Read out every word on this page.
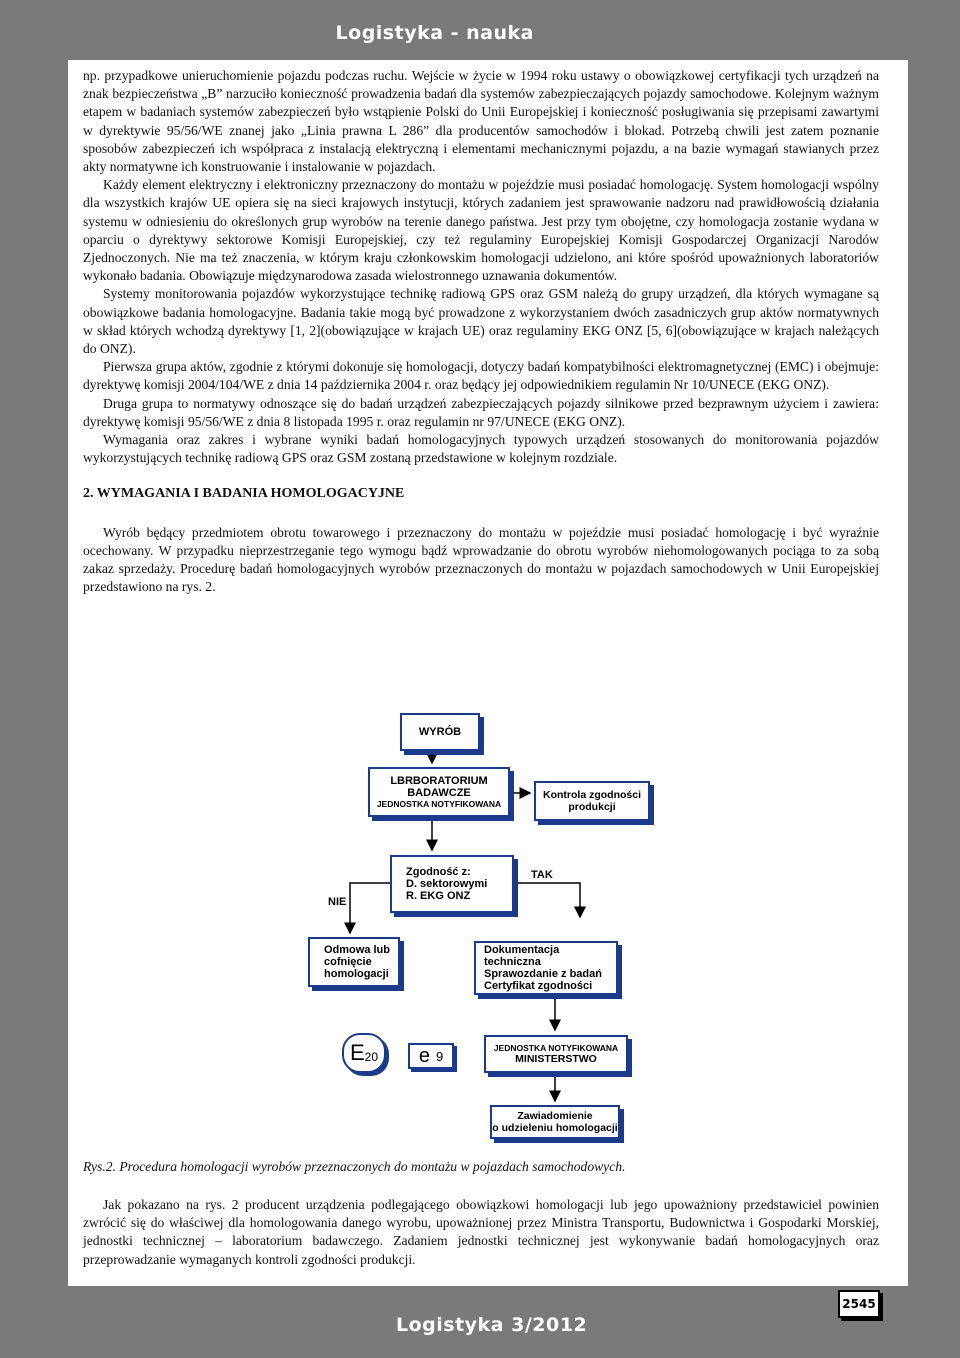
Logistyka - nauka

np. przypadkowe unieruchomienie pojazdu podczas ruchu. Wejście w życie w 1994 roku ustawy o obowiązkowej certyfikacji tych urządzeń na znak bezpieczeństwa „B” narzuciło konieczność prowadzenia badań dla systemów zabezpieczających pojazdy samochodowe. Kolejnym ważnym etapem w badaniach systemów zabezpieczeń było wstąpienie Polski do Unii Europejskiej i konieczność posługiwania się przepisami zawartymi w dyrektywie 95/56/WE znanej jako „Linia prawna L 286” dla producentów samochodów i blokad. Potrzebą chwili jest zatem poznanie sposobów zabezpieczeń ich współpraca z instalacją elektryczną i elementami mechanicznymi pojazdu, a na bazie wymagań stawianych przez akty normatywne ich konstruowanie i instalowanie w pojazdach.

Każdy element elektryczny i elektroniczny przeznaczony do montażu w pojeździe musi posiadać homologację. System homologacji wspólny dla wszystkich krajów UE opiera się na sieci krajowych instytucji, których zadaniem jest sprawowanie nadzoru nad prawidłowością działania systemu w odniesieniu do określonych grup wyrobów na terenie danego państwa. Jest przy tym obojętne, czy homologacja zostanie wydana w oparciu o dyrektywy sektorowe Komisji Europejskiej, czy też regulaminy Europejskiej Komisji Gospodarczej Organizacji Narodów Zjednoczonych. Nie ma też znaczenia, w którym kraju członkowskim homologacji udzielono, ani które spośród upoważnionych laboratoriów wykonało badania. Obowiązuje międzynarodowa zasada wielostronnego uznawania dokumentów.

Systemy monitorowania pojazdów wykorzystujące technikę radiową GPS oraz GSM należą do grupy urządzeń, dla których wymagane są obowiązkowe badania homologacyjne. Badania takie mogą być prowadzone z wykorzystaniem dwóch zasadniczych grup aktów normatywnych w skład których wchodzą dyrektywy [1, 2](obowiązujące w krajach UE) oraz regulaminy EKG ONZ [5, 6](obowiązujące w krajach należących do ONZ).

Pierwsza grupa aktów, zgodnie z którymi dokonuje się homologacji, dotyczy badań kompatybilności elektromagnetycznej (EMC) i obejmuje: dyrektywę komisji 2004/104/WE z dnia 14 października 2004 r. oraz będący jej odpowiednikiem regulamin Nr 10/UNECE (EKG ONZ).

Druga grupa to normatywy odnoszące się do badań urządzeń zabezpieczających pojazdy silnikowe przed bezprawnym użyciem i zawiera: dyrektywę komisji 95/56/WE z dnia 8 listopada 1995 r. oraz regulamin nr 97/UNECE (EKG ONZ).

Wymagania oraz zakres i wybrane wyniki badań homologacyjnych typowych urządzeń stosowanych do monitorowania pojazdów wykorzystujących technikę radiową GPS oraz GSM zostaną przedstawione w kolejnym rozdziale.

2. WYMAGANIA I BADANIA HOMOLOGACYJNE

Wyrób będący przedmiotem obrotu towarowego i przeznaczony do montażu w pojeździe musi posiadać homologację i być wyraźnie ocechowany. W przypadku nieprzestrzeganie tego wymogu bądź wprowadzanie do obrotu wyrobów niehomologowanych pociąga to za sobą zakaz sprzedaży. Procedurę badań homologacyjnych wyrobów przeznaczonych do montażu w pojazdach samochodowych w Unii Europejskiej przedstawiono na rys. 2.

WYRÓB
LBRBORATORIUM
BADAWCZE
JEDNOSTKA NOTYFIKOWANA
Kontrola zgodności
produkcji
Zgodność z:
D. sektorowymi
R. EKG ONZ
TAK
NIE
Odmowa lub
cofnięcie
homologacji
Dokumentacja techniczna
Sprawozdanie z badań
Certyfikat zgodności
E 20 e 9
JEDNOSTKA NOTYFIKOWANA
MINISTERSTWO
Zawiadomienie
o udzieleniu homologacji
Rys.2. Procedura homologacji wyrobów przeznaczonych do montażu w pojazdach samochodowych.

Jak pokazano na rys. 2 producent urządzenia podlegającego obowiązkowi homologacji lub jego upoważniony przedstawiciel powinien zwrócić się do właściwej dla homologowania danego wyrobu, upoważnionej przez Ministra Transportu, Budownictwa i Gospodarki Morskiej, jednostki technicznej – laboratorium badawczego. Zadaniem jednostki technicznej jest wykonywanie badań homologacyjnych oraz przeprowadzanie wymaganych kontroli zgodności produkcji.

2545
Logistyka 3/2012
